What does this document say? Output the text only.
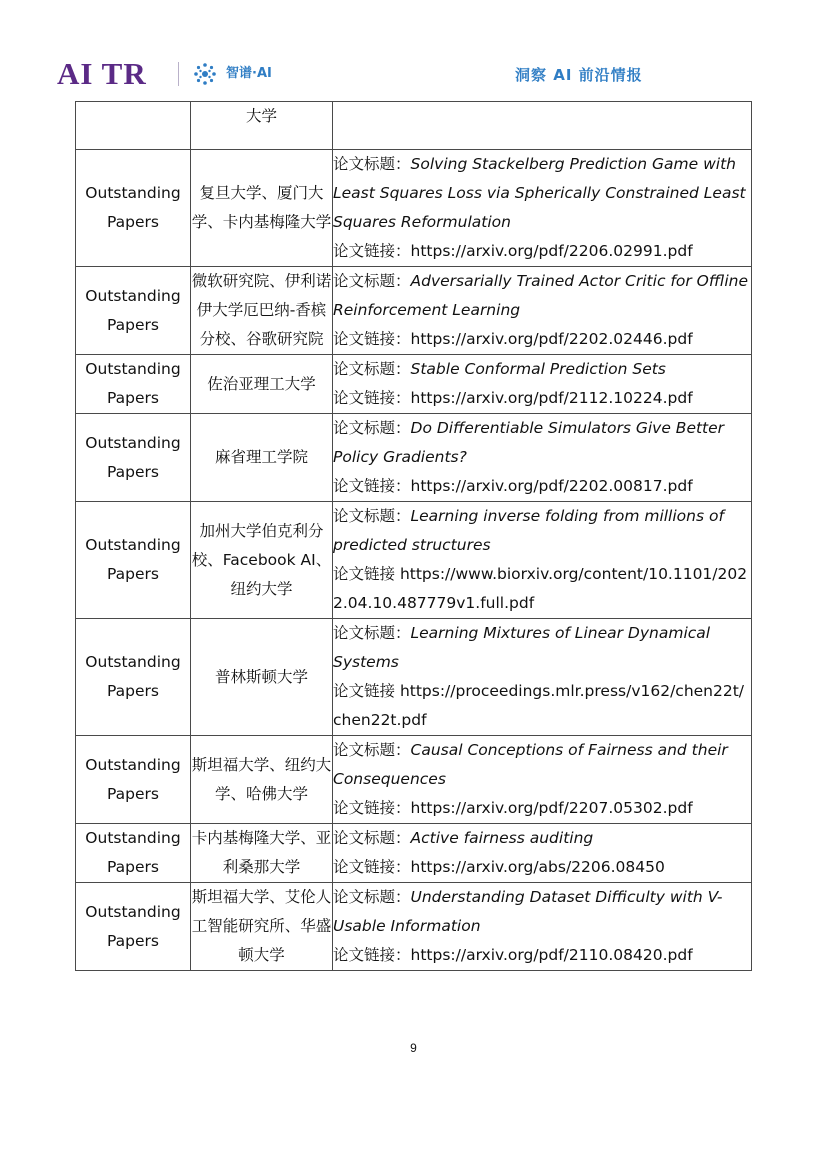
AI TR	智谱·AI	洞察 AI 前沿情报
	大学	
Outstanding Papers	复旦大学、厦门大学、卡内基梅隆大学	论文标题：Solving Stackelberg Prediction Game with Least Squares Loss via Spherically Constrained Least Squares Reformulation
论文链接：https://arxiv.org/pdf/2206.02991.pdf

Outstanding Papers	微软研究院、伊利诺伊大学厄巴纳-香槟分校、谷歌研究院	论文标题：Adversarially Trained Actor Critic for Offline Reinforcement Learning
论文链接：https://arxiv.org/pdf/2202.02446.pdf

Outstanding Papers	佐治亚理工大学	论文标题：Stable Conformal Prediction Sets
论文链接：https://arxiv.org/pdf/2112.10224.pdf

Outstanding Papers	麻省理工学院	论文标题：Do Differentiable Simulators Give Better Policy Gradients?
论文链接：https://arxiv.org/pdf/2202.00817.pdf

Outstanding Papers	加州大学伯克利分校、Facebook AI、纽约大学	论文标题：Learning inverse folding from millions of predicted structures
论文链接 https://www.biorxiv.org/content/10.1101/2022.04.10.487779v1.full.pdf

Outstanding Papers	普林斯顿大学	论文标题：Learning Mixtures of Linear Dynamical Systems
论文链接 https://proceedings.mlr.press/v162/chen22t/chen22t.pdf

Outstanding Papers	斯坦福大学、纽约大学、哈佛大学	论文标题：Causal Conceptions of Fairness and their Consequences
论文链接：https://arxiv.org/pdf/2207.05302.pdf

Outstanding Papers	卡内基梅隆大学、亚利桑那大学	论文标题：Active fairness auditing
论文链接：https://arxiv.org/abs/2206.08450

Outstanding Papers	斯坦福大学、艾伦人工智能研究所、华盛顿大学	论文标题：Understanding Dataset Difficulty with V-Usable Information
论文链接：https://arxiv.org/pdf/2110.08420.pdf
9
